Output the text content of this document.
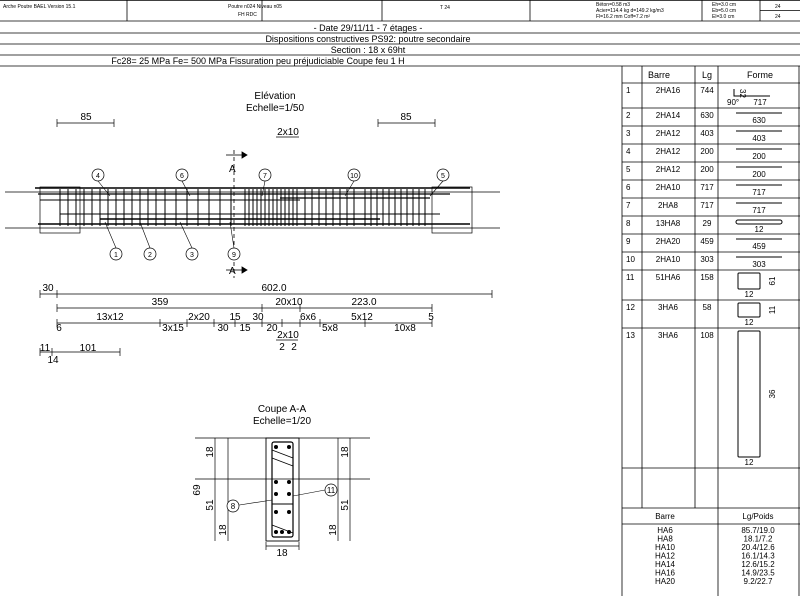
Arche Poutre BAEL Version 15.1	Poutre n024 Niveau n05
FH RDC
T 24	Béton=0.58 m3
Acier=114.4 kg d=149.2 kg/m3
Fl=16.2 mm Coff=7.2 m²
Eh=3.0 cm
Eb=5.0 cm
El=3.0 cm
24
24
- Date 29/11/11 - 7 étages -
Dispositions constructives PS92: poutre secondaire
Section : 18 x 69ht
Fc28= 25 MPa Fe= 500 MPa Fissuration peu préjudiciable Coupe feu 1 H
Barre	Lg	Forme
1	2HA16	744	32
90° 717
2	2HA14	630
630
3	2HA12	403
403
4	2HA12	200
200
5	2HA12	200
200
6	2HA10	717
717
7	2HA8	717
717
8	13HA8	29
12
9	2HA20	459
459
10	2HA10	303
303
11	51HA6	158	61
12
12	3HA6	58	11
12
13	3HA6	108
36
12
Barre	Lg/Poids
HA6	85.7/19.0
HA8	18.1/7.2
HA10	20.4/12.6
HA12	16.1/14.3
HA14	12.6/15.2
HA16	14.9/23.5
HA20	9.2/22.7
Elévation
Echelle=1/50
85	85
2x10
A
A
4	6	7	10	5
1	2	3	9
30	602.0
359	20x10	223.0
6
13x12	2x20 15 30	6x6	5x12	5
3x15	30 15 20	5x8	10x8
2x10
2 2
11	101
14
Coupe A-A
Echelle=1/20
8
11
18
69
18
51
18
18
51
18
